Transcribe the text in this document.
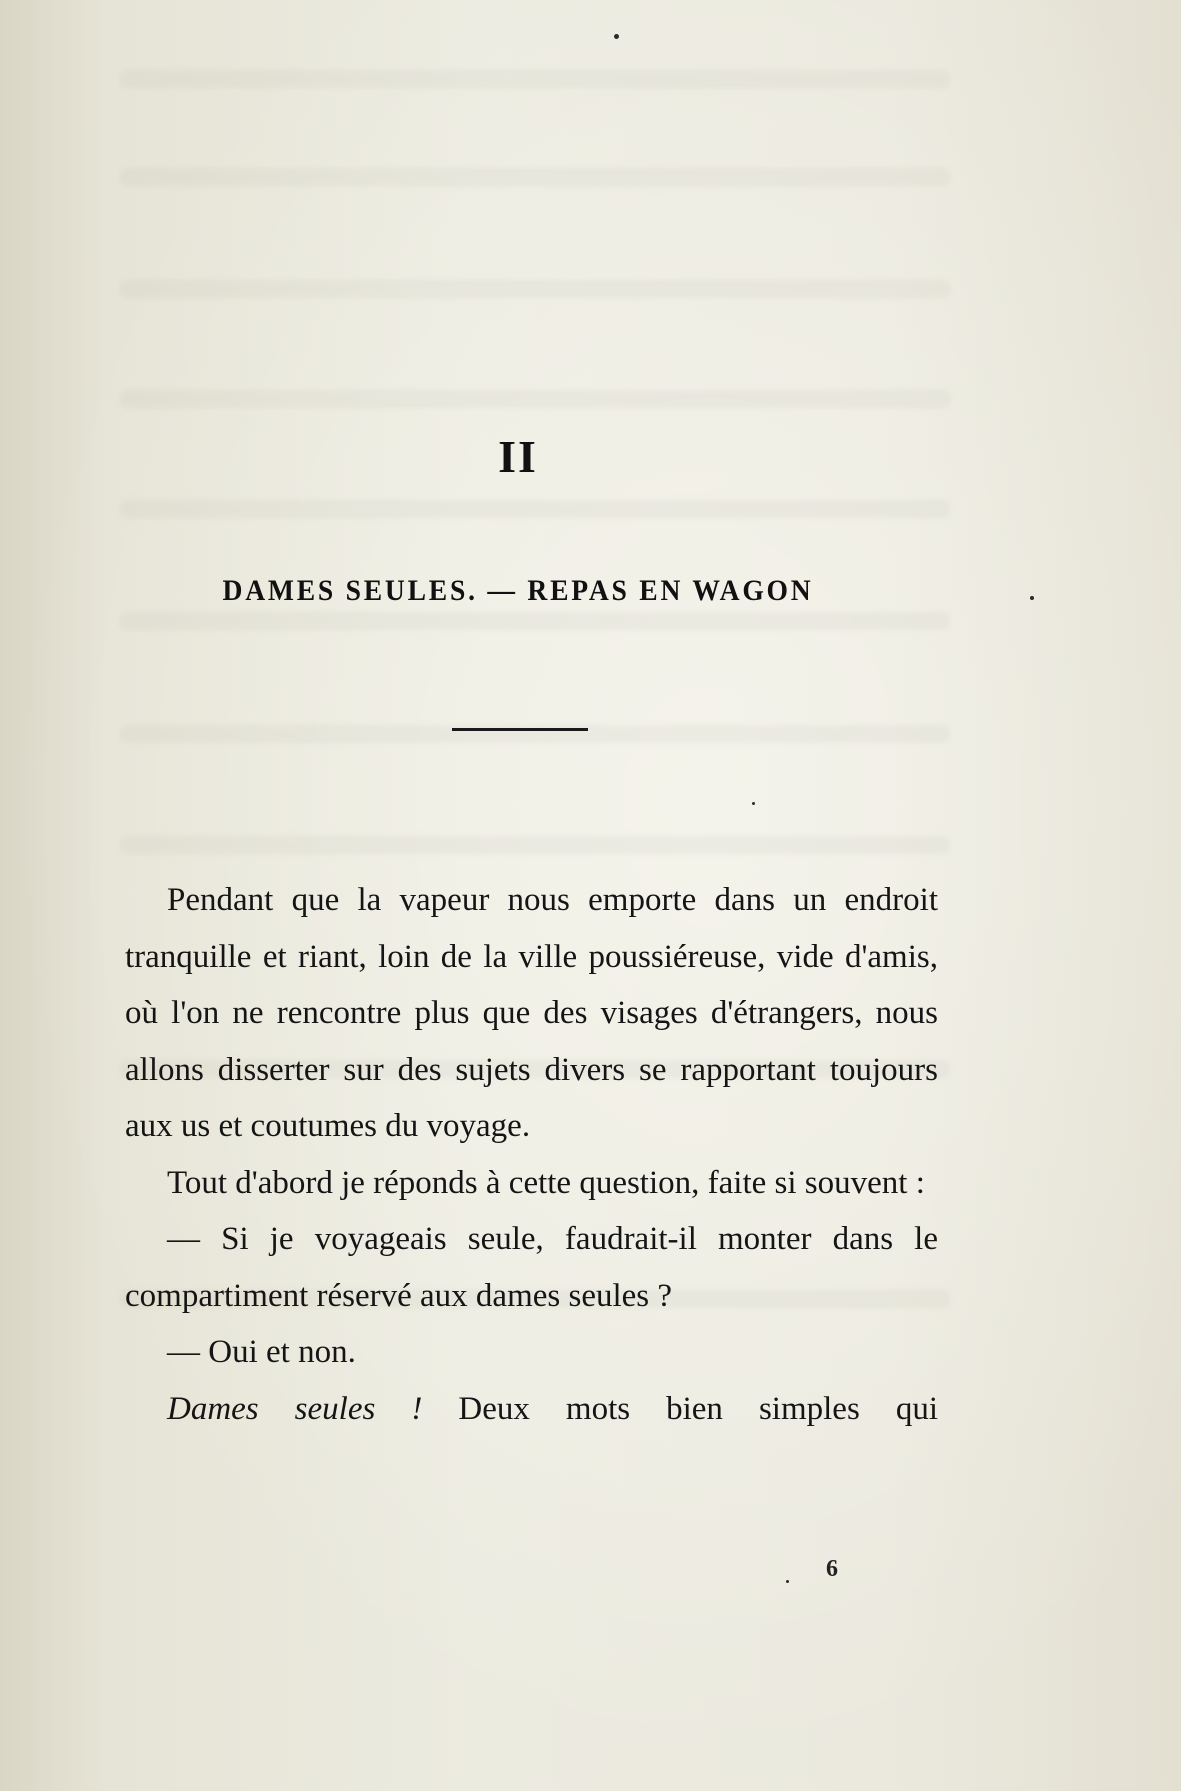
II
DAMES SEULES. — REPAS EN WAGON

Pendant que la vapeur nous emporte dans un endroit tranquille et riant, loin de la ville poussiéreuse, vide d'amis, où l'on ne rencontre plus que des visages d'étrangers, nous allons disserter sur des sujets divers se rapportant toujours aux us et coutumes du voyage.

Tout d'abord je réponds à cette question, faite si souvent :

— Si je voyageais seule, faudrait-il monter dans le compartiment réservé aux dames seules ?

— Oui et non.

Dames seules ! Deux mots bien simples qui

6
